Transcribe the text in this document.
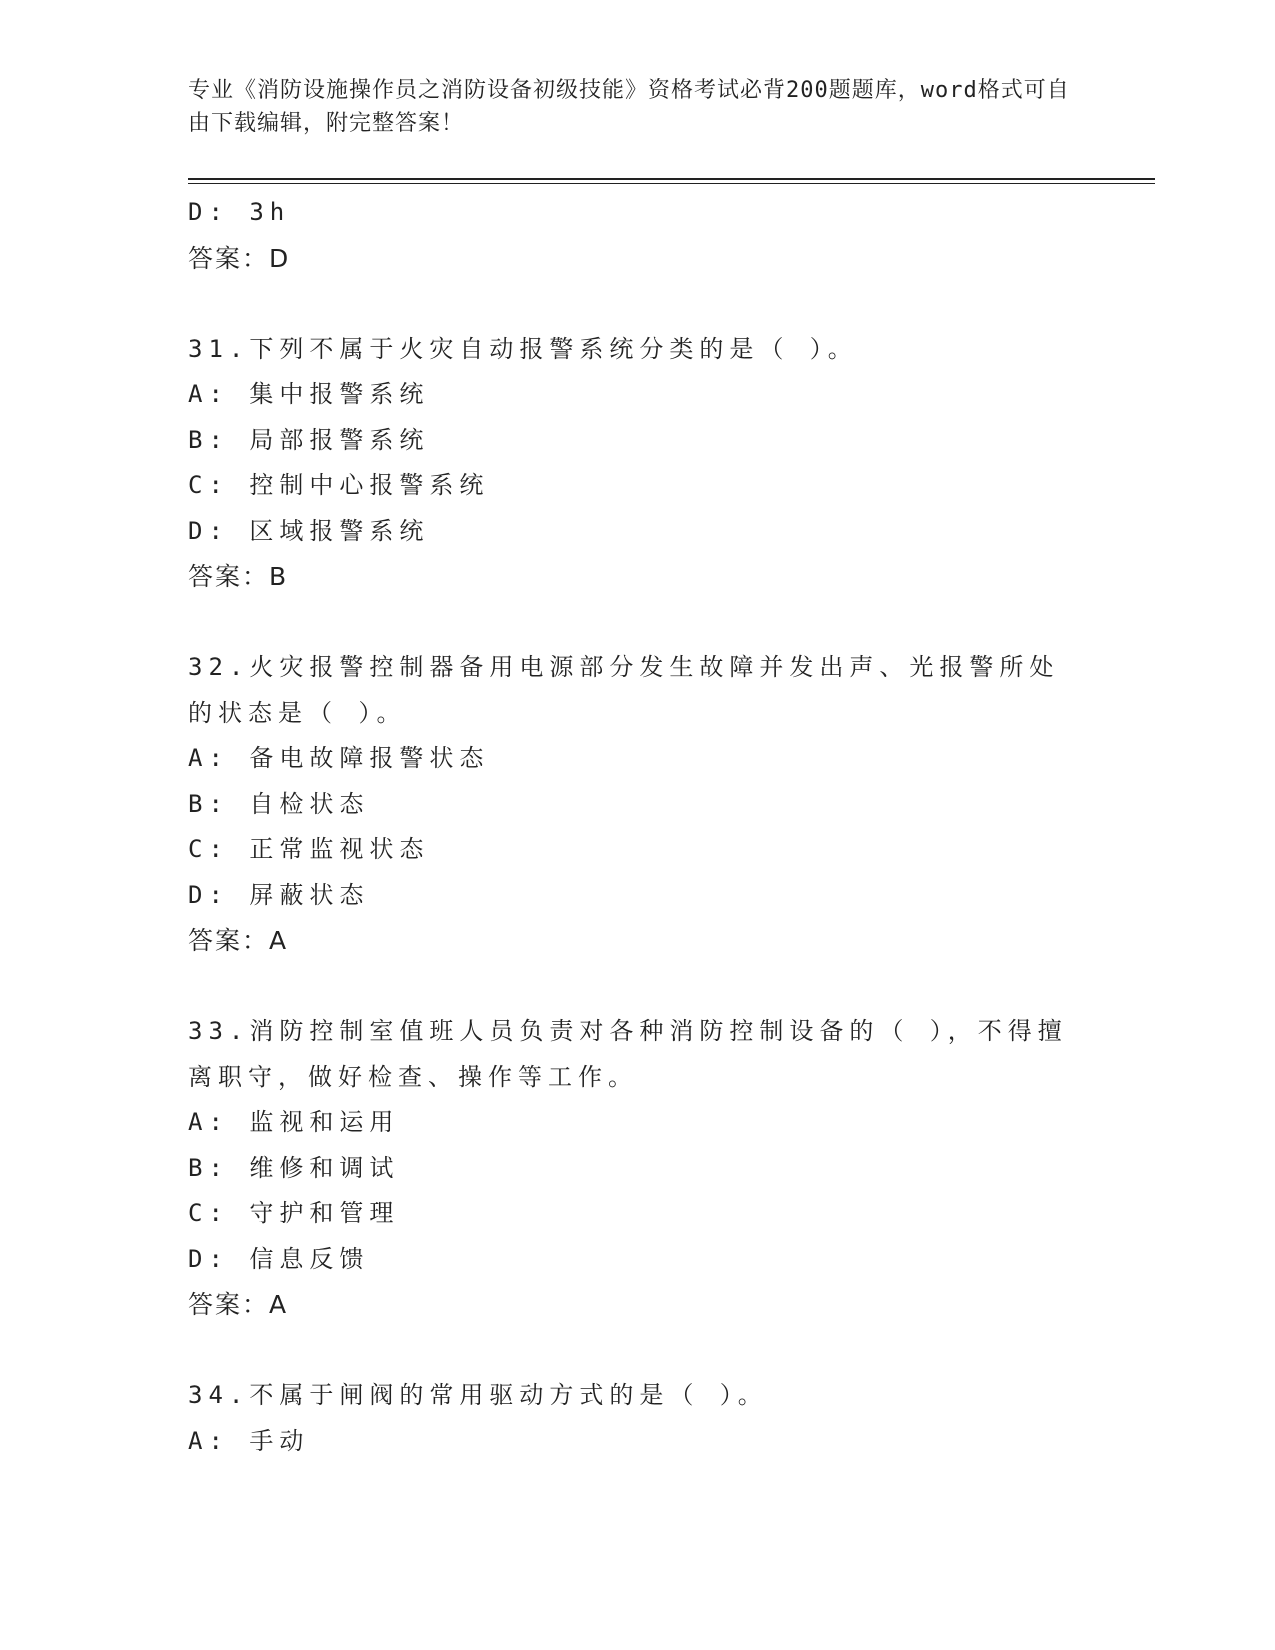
专业《消防设施操作员之消防设备初级技能》资格考试必背200题题库，word格式可自由下载编辑，附完整答案！
D: 3h
答案：D
31.下列不属于火灾自动报警系统分类的是（ ）。
A: 集中报警系统
B: 局部报警系统
C: 控制中心报警系统
D: 区域报警系统
答案：B
32.火灾报警控制器备用电源部分发生故障并发出声、光报警所处的状态是（ ）。
A: 备电故障报警状态
B: 自检状态
C: 正常监视状态
D: 屏蔽状态
答案：A
33.消防控制室值班人员负责对各种消防控制设备的（ ），不得擅离职守，做好检查、操作等工作。
A: 监视和运用
B: 维修和调试
C: 守护和管理
D: 信息反馈
答案：A
34.不属于闸阀的常用驱动方式的是（ ）。
A: 手动
